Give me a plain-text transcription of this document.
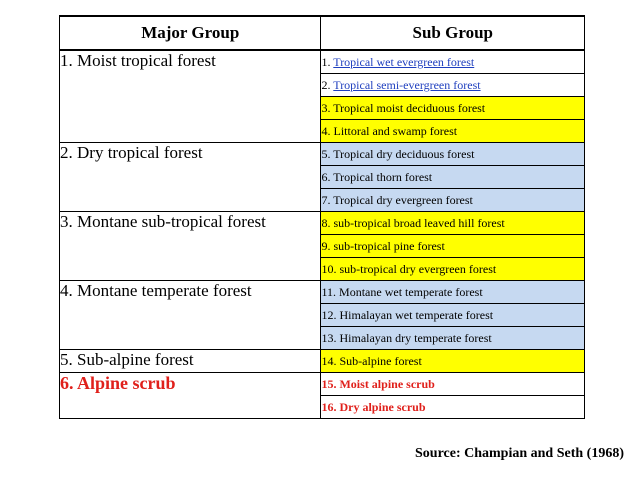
Major Group	Sub Group
1. Moist tropical forest	1. Tropical wet evergreen forest
	2. Tropical semi-evergreen forest
	3. Tropical moist deciduous forest
	4. Littoral and swamp forest
2. Dry tropical forest	5. Tropical dry deciduous forest
	6. Tropical thorn forest
	7. Tropical dry evergreen forest
3. Montane sub-tropical forest	8. sub-tropical broad leaved hill forest
	9. sub-tropical pine forest
	10. sub-tropical dry evergreen forest
4. Montane temperate forest	11. Montane wet temperate forest
	12. Himalayan wet temperate forest
	13. Himalayan dry temperate forest
5. Sub-alpine forest	14. Sub-alpine forest
6. Alpine scrub	15. Moist alpine scrub
	16. Dry alpine scrub
Source: Champian and Seth (1968)
